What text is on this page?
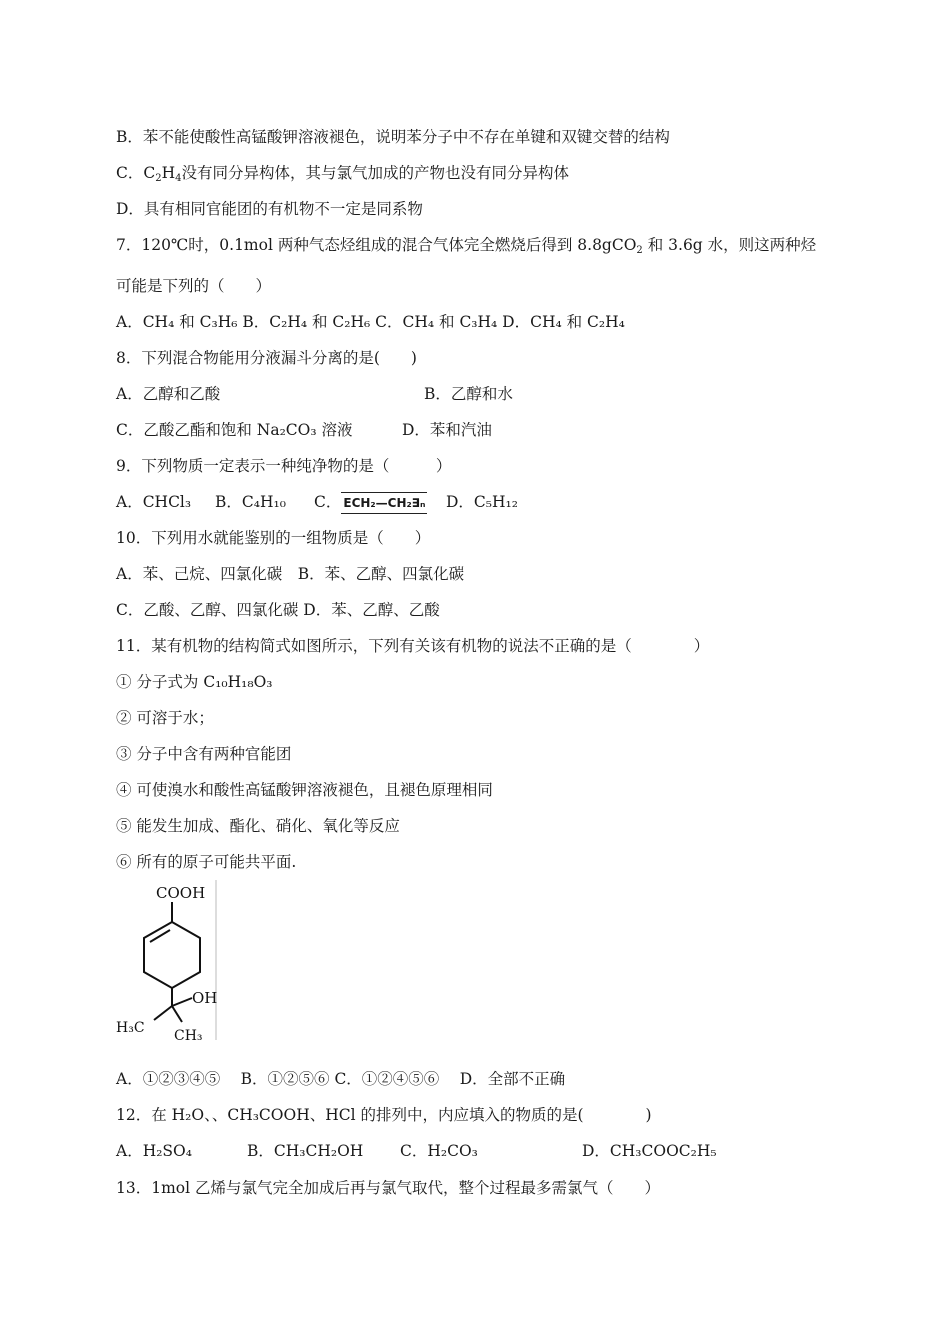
B．苯不能使酸性高锰酸钾溶液褪色，说明苯分子中不存在单键和双键交替的结构
C．$C_2H_4$没有同分异构体，其与氯气加成的产物也没有同分异构体
D．具有相同官能团的有机物不一定是同系物
7．120℃时，0.1mol 两种气态烃组成的混合气体完全燃烧后得到 8.8gCO$_2$ 和 3.6g 水，则这两种烃
可能是下列的（　　）
A．CH₄ 和 C₃H₆ B．C₂H₄ 和 C₂H₆ C．CH₄ 和 C₃H₄ D．CH₄ 和 C₂H₄
8．下列混合物能用分液漏斗分离的是(　　)
A．乙醇和乙酸	B．乙醇和水
C．乙酸乙酯和饱和 Na₂CO₃ 溶液	D．苯和汽油
9．下列物质一定表示一种纯净物的是（　　　）
A．CHCl₃ B．C₄H₁₀ C． ECH₂—CH₂∃ₙ D．C₅H₁₂
10．下列用水就能鉴别的一组物质是（　　）
A．苯、己烷、四氯化碳　B．苯、乙醇、四氯化碳
C．乙酸、乙醇、四氯化碳 D．苯、乙醇、乙酸
11．某有机物的结构简式如图所示，下列有关该有机物的说法不正确的是（　　　　）
① 分子式为 C₁₀H₁₈O₃
② 可溶于水；
③ 分子中含有两种官能团
④ 可使溴水和酸性高锰酸钾溶液褪色，且褪色原理相同
⑤ 能发生加成、酯化、硝化、氧化等反应
⑥ 所有的原子可能共平面.
COOH
OH
H₃C CH₃
A．①②③④⑤　 B．①②⑤⑥ C．①②④⑤⑥　 D．全部不正确
12．在 H₂O、、CH₃COOH、HCl 的排列中，内应填入的物质的是(　　　　)
A．H₂SO₄	B．CH₃CH₂OH C．H₂CO₃	D．CH₃COOC₂H₅
13．1mol 乙烯与氯气完全加成后再与氯气取代，整个过程最多需氯气（　　）
